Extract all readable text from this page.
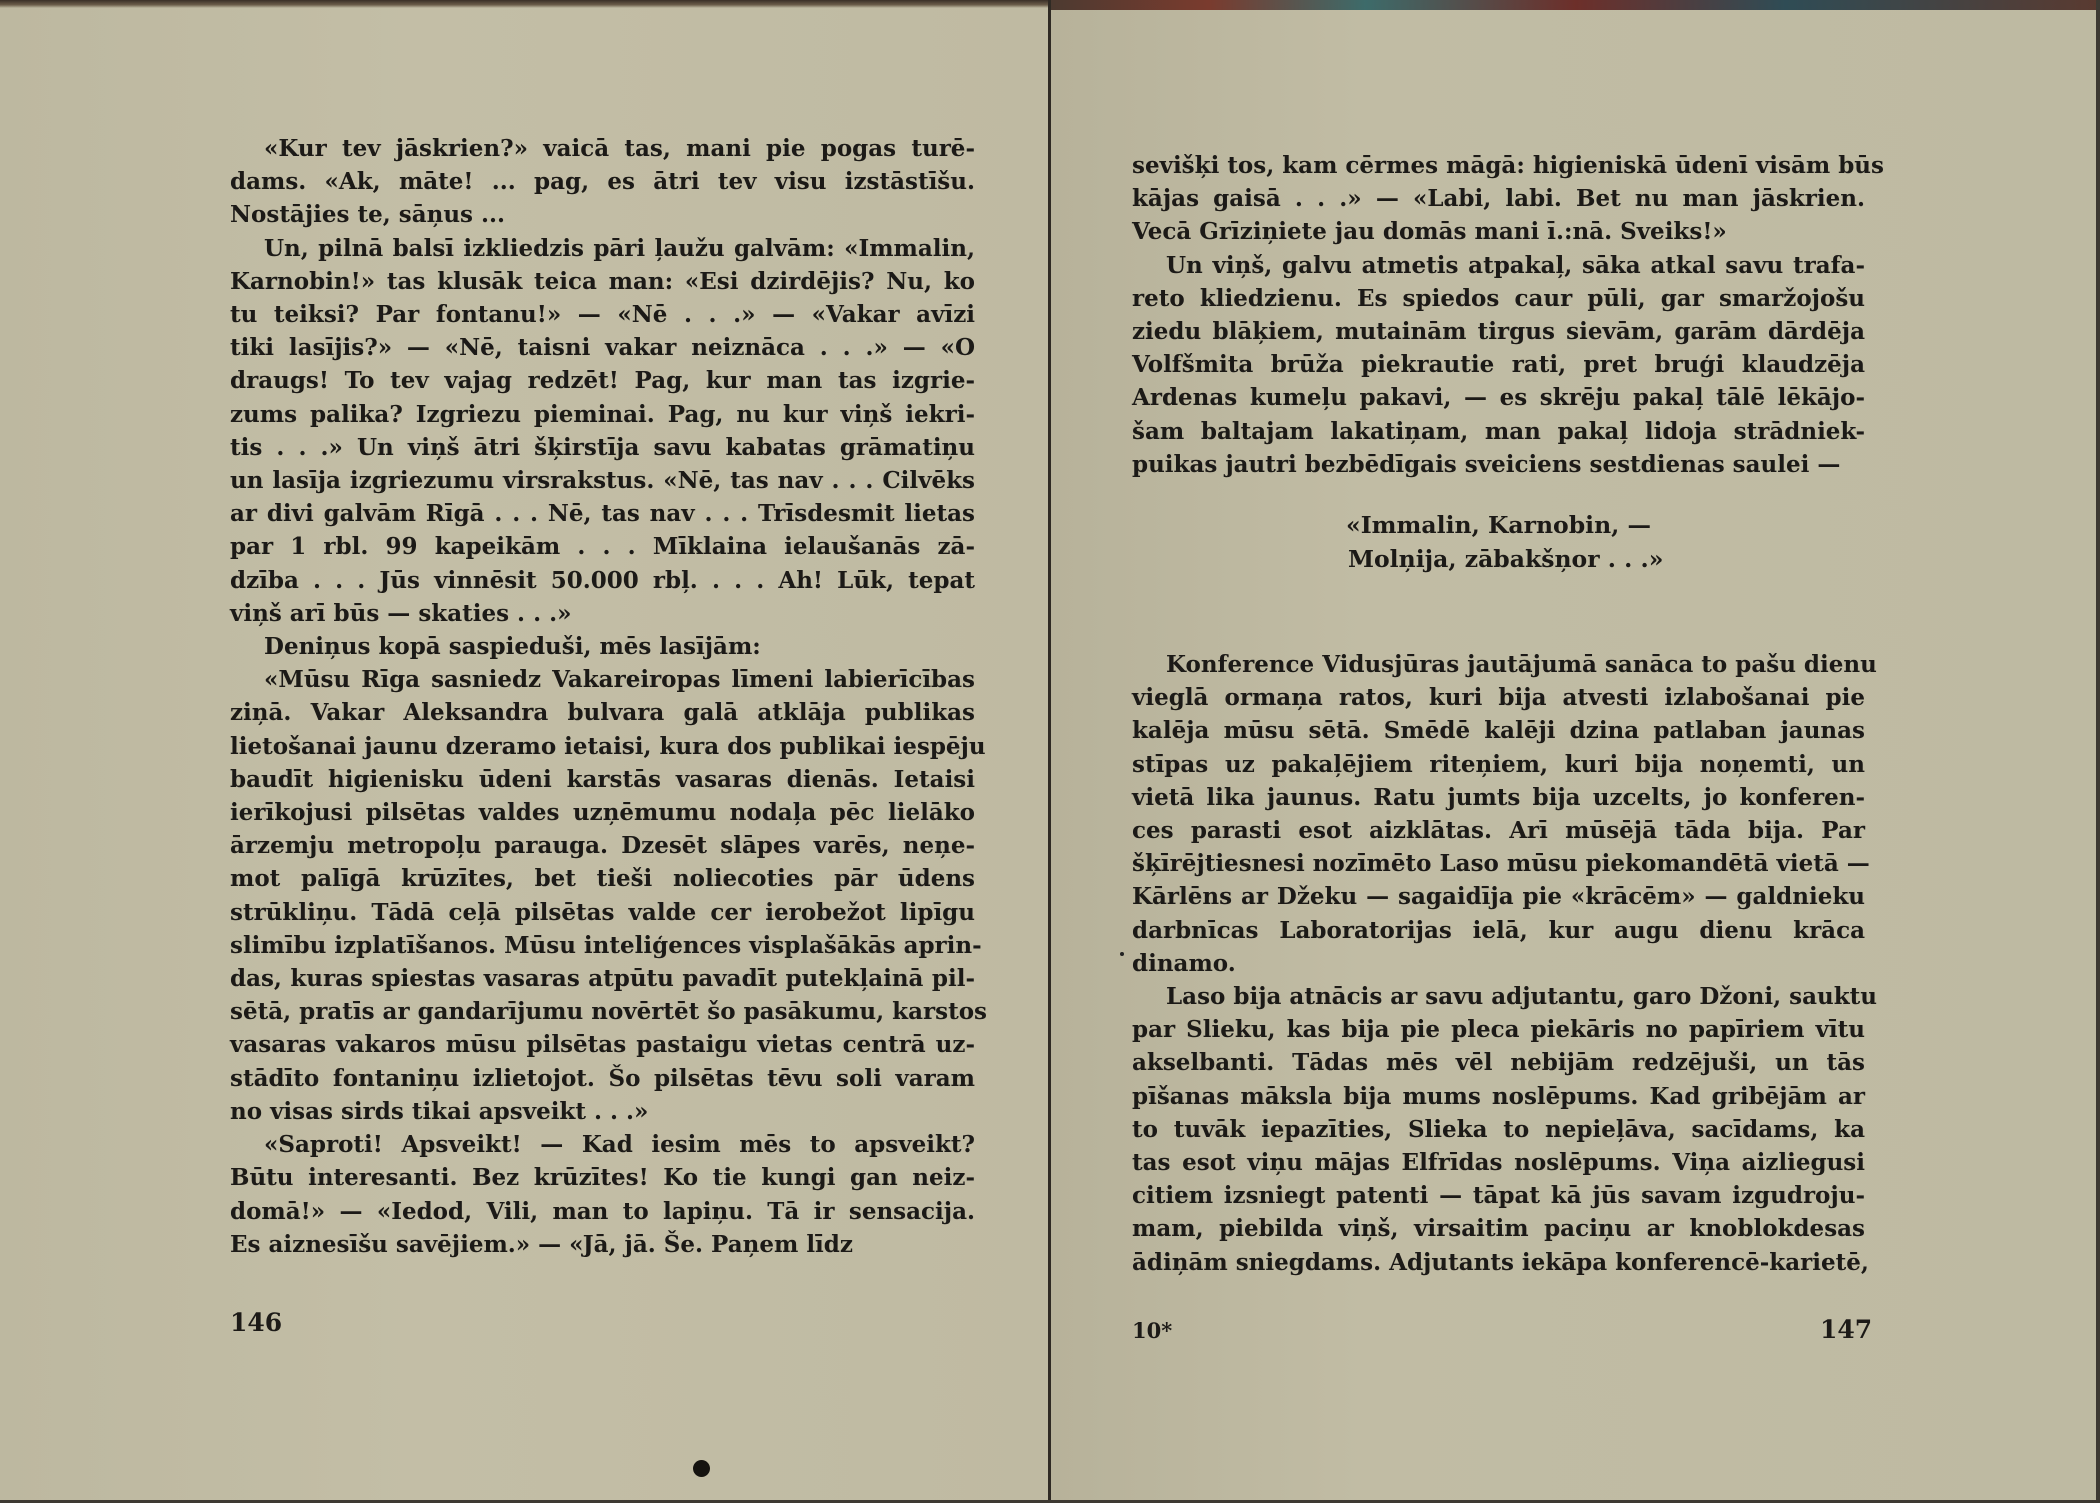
«Kur tev jāskrien?» vaicā tas, mani pie pogas turē-
dams. «Ak, māte! ... pag, es ātri tev visu izstāstīšu.
Nostājies te, sāņus ...
Un, pilnā balsī izkliedzis pāri ļaužu galvām: «Immalin,
Karnobin!» tas klusāk teica man: «Esi dzirdējis? Nu, ko
tu teiksi? Par fontanu!» — «Nē . . .» — «Vakar avīzi
tiki lasījis?» — «Nē, taisni vakar neiznāca . . .» — «O
draugs! To tev vajag redzēt! Pag, kur man tas izgrie-
zums palika? Izgriezu pieminai. Pag, nu kur viņš iekri-
tis . . .» Un viņš ātri šķirstīja savu kabatas grāmatiņu
un lasīja izgriezumu virsrakstus. «Nē, tas nav . . . Cilvēks
ar divi galvām Rīgā . . . Nē, tas nav . . . Trīsdesmit lietas
par 1 rbl. 99 kapeikām . . . Mīklaina ielaušanās zā-
dzība . . . Jūs vinnēsit 50.000 rbļ. . . . Ah! Lūk, tepat
viņš arī būs — skaties . . .»
Deniņus kopā saspieduši, mēs lasījām:
«Mūsu Rīga sasniedz Vakareiropas līmeni labierīcības
ziņā. Vakar Aleksandra bulvara galā atklāja publikas
lietošanai jaunu dzeramo ietaisi, kura dos publikai iespēju
baudīt higienisku ūdeni karstās vasaras dienās. Ietaisi
ierīkojusi pilsētas valdes uzņēmumu nodaļa pēc lielāko
ārzemju metropoļu parauga. Dzesēt slāpes varēs, neņe-
mot palīgā krūzītes, bet tieši noliecoties pār ūdens
strūkliņu. Tādā ceļā pilsētas valde cer ierobežot lipīgu
slimību izplatīšanos. Mūsu inteliģences visplašākās aprin-
das, kuras spiestas vasaras atpūtu pavadīt putekļainā pil-
sētā, pratīs ar gandarījumu novērtēt šo pasākumu, karstos
vasaras vakaros mūsu pilsētas pastaigu vietas centrā uz-
stādīto fontaniņu izlietojot. Šo pilsētas tēvu soli varam
no visas sirds tikai apsveikt . . .»
«Saproti! Apsveikt! — Kad iesim mēs to apsveikt?
Būtu interesanti. Bez krūzītes! Ko tie kungi gan neiz-
domā!» — «Iedod, Vili, man to lapiņu. Tā ir sensacija.
Es aiznesīšu savējiem.» — «Jā, jā. Še. Paņem līdz
146
sevišķi tos, kam cērmes māgā: higieniskā ūdenī visām būs
kājas gaisā . . .» — «Labi, labi. Bet nu man jāskrien.
Vecā Grīziņiete jau domās mani ī.:nā. Sveiks!»
Un viņš, galvu atmetis atpakaļ, sāka atkal savu trafa-
reto kliedzienu. Es spiedos caur pūli, gar smaržojošu
ziedu blāķiem, mutainām tirgus sievām, garām dārdēja
Volfšmita brūža piekrautie rati, pret bruģi klaudzēja
Ardenas kumeļu pakavi, — es skrēju pakaļ tālē lēkājo-
šam baltajam lakatiņam, man pakaļ lidoja strādniek-
puikas jautri bezbēdīgais sveiciens sestdienas saulei —
«Immalin, Karnobin, —
Molņija, zābakšņor . . .»
Konference Vidusjūras jautājumā sanāca to pašu dienu
vieglā ormaņa ratos, kuri bija atvesti izlabošanai pie
kalēja mūsu sētā. Smēdē kalēji dzina patlaban jaunas
stīpas uz pakaļējiem riteņiem, kuri bija noņemti, un
vietā lika jaunus. Ratu jumts bija uzcelts, jo konferen-
ces parasti esot aizklātas. Arī mūsējā tāda bija. Par
šķīrējtiesnesi nozīmēto Laso mūsu piekomandētā vietā —
Kārlēns ar Džeku — sagaidīja pie «krācēm» — galdnieku
darbnīcas Laboratorijas ielā, kur augu dienu krāca
dinamo.
Laso bija atnācis ar savu adjutantu, garo Džoni, sauktu
par Slieku, kas bija pie pleca piekāris no papīriem vītu
akselbanti. Tādas mēs vēl nebijām redzējuši, un tās
pīšanas māksla bija mums noslēpums. Kad gribējām ar
to tuvāk iepazīties, Slieka to nepieļāva, sacīdams, ka
tas esot viņu mājas Elfrīdas noslēpums. Viņa aizliegusi
citiem izsniegt patenti — tāpat kā jūs savam izgudroju-
mam, piebilda viņš, virsaitim paciņu ar knoblokdesas
ādiņām sniegdams. Adjutants iekāpa konferencē-karietē,
10*	147
